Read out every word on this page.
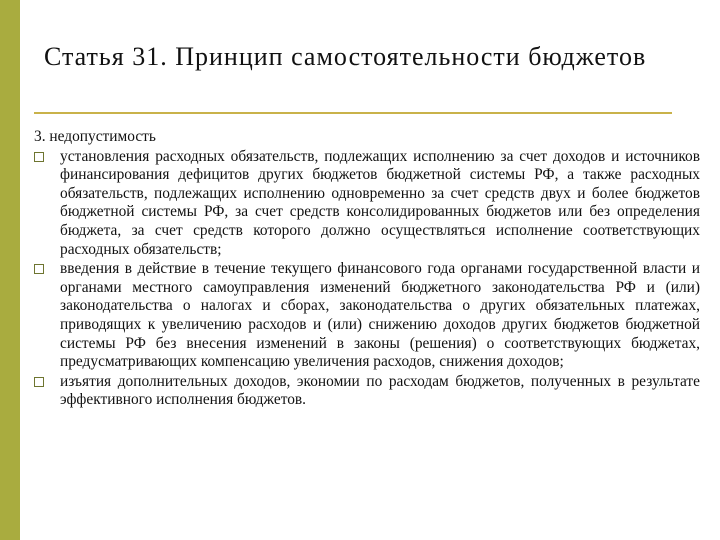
Статья 31. Принцип самостоятельности бюджетов

3. недопустимость

установления расходных обязательств, подлежащих исполнению за счет доходов и источников финансирования дефицитов других бюджетов бюджетной системы РФ, а также расходных обязательств, подлежащих исполнению одновременно за счет средств двух и более бюджетов бюджетной системы РФ, за счет средств консолидированных бюджетов или без определения бюджета, за счет средств которого должно осуществляться исполнение соответствующих расходных обязательств;
введения в действие в течение текущего финансового года органами государственной власти и органами местного самоуправления изменений бюджетного законодательства РФ и (или) законодательства о налогах и сборах, законодательства о других обязательных платежах, приводящих к увеличению расходов и (или) снижению доходов других бюджетов бюджетной системы РФ без внесения изменений в законы (решения) о соответствующих бюджетах, предусматривающих компенсацию увеличения расходов, снижения доходов;
изъятия дополнительных доходов, экономии по расходам бюджетов, полученных в результате эффективного исполнения бюджетов.
